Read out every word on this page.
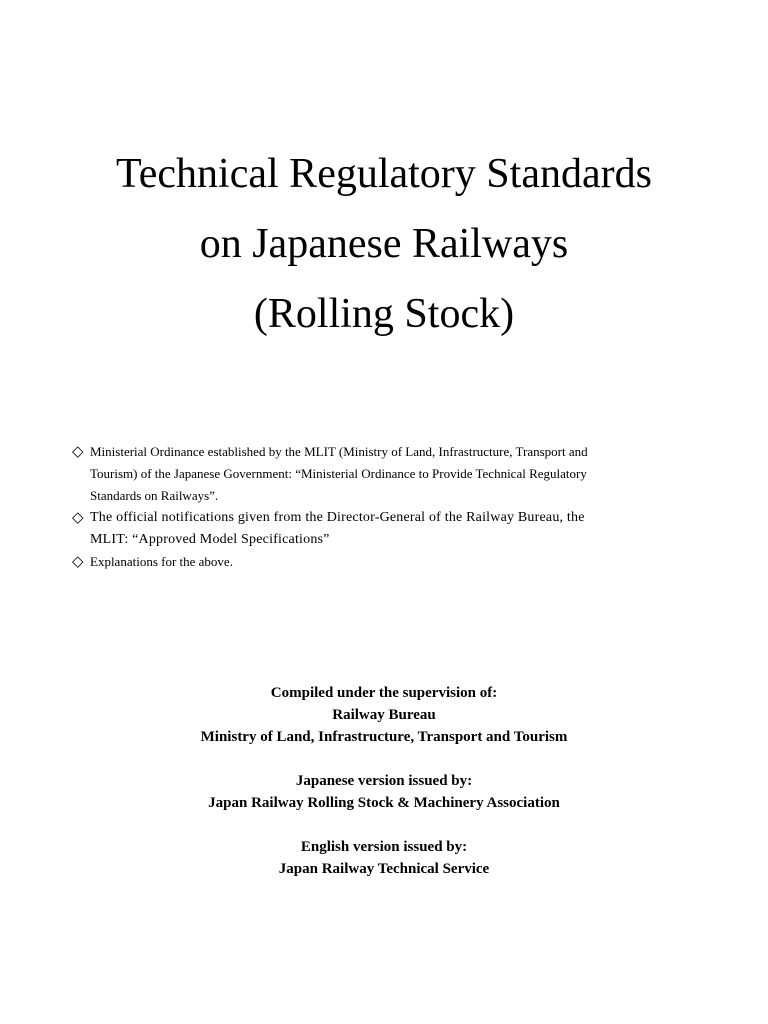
Technical Regulatory Standards
on Japanese Railways
(Rolling Stock)
◇ Ministerial Ordinance established by the MLIT (Ministry of Land, Infrastructure, Transport and
Tourism) of the Japanese Government: “Ministerial Ordinance to Provide Technical Regulatory
Standards on Railways”.
◇ The official notifications given from the Director-General of the Railway Bureau, the
MLIT: “Approved Model Specifications”
◇ Explanations for the above.
Compiled under the supervision of:
Railway Bureau
Ministry of Land, Infrastructure, Transport and Tourism
Japanese version issued by:
Japan Railway Rolling Stock & Machinery Association
English version issued by:
Japan Railway Technical Service
